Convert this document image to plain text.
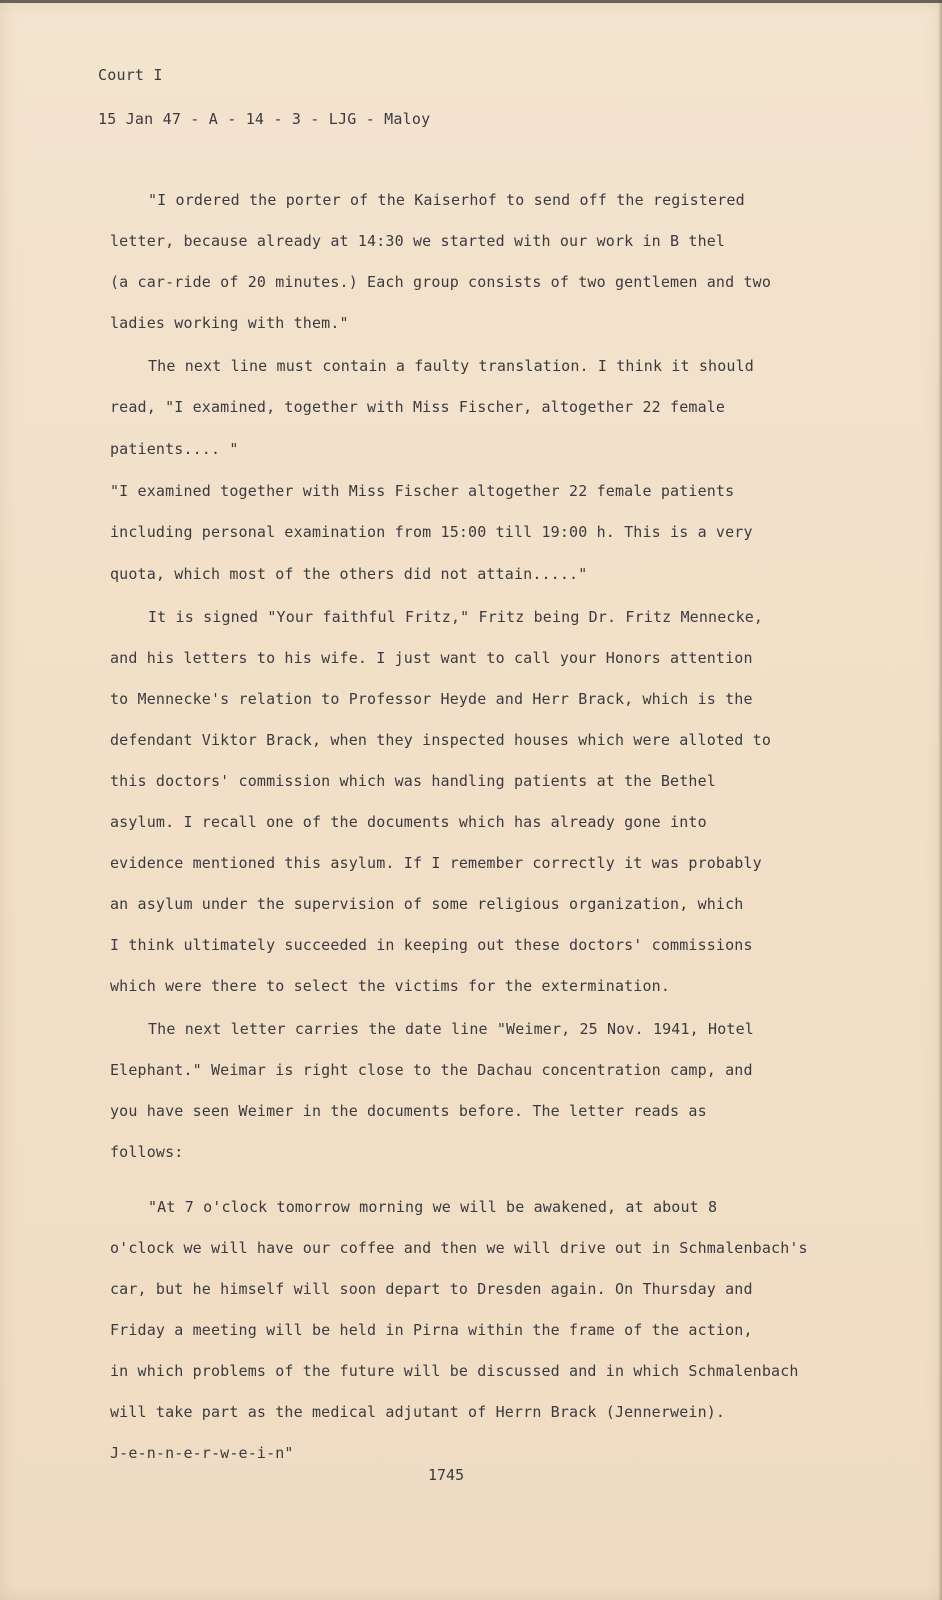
Court I
15 Jan 47 - A - 14 - 3 - LJG - Maloy
"I ordered the porter of the Kaiserhof to send off the registered
letter, because already at 14:30 we started with our work in B thel
(a car-ride of 20 minutes.) Each group consists of two gentlemen and two
ladies working with them."
The next line must contain a faulty translation. I think it should
read, "I examined, together with Miss Fischer, altogether 22 female
patients.... "
"I examined together with Miss Fischer altogether 22 female patients
including personal examination from 15:00 till 19:00 h. This is a very
quota, which most of the others did not attain....."
It is signed "Your faithful Fritz," Fritz being Dr. Fritz Mennecke,
and his letters to his wife. I just want to call your Honors attention
to Mennecke's relation to Professor Heyde and Herr Brack, which is the
defendant Viktor Brack, when they inspected houses which were alloted to
this doctors' commission which was handling patients at the Bethel
asylum. I recall one of the documents which has already gone into
evidence mentioned this asylum. If I remember correctly it was probably
an asylum under the supervision of some religious organization, which
I think ultimately succeeded in keeping out these doctors' commissions
which were there to select the victims for the extermination.
The next letter carries the date line "Weimer, 25 Nov. 1941, Hotel
Elephant." Weimar is right close to the Dachau concentration camp, and
you have seen Weimer in the documents before. The letter reads as
follows:
"At 7 o'clock tomorrow morning we will be awakened, at about 8
o'clock we will have our coffee and then we will drive out in Schmalenbach's
car, but he himself will soon depart to Dresden again. On Thursday and
Friday a meeting will be held in Pirna within the frame of the action,
in which problems of the future will be discussed and in which Schmalenbach
will take part as the medical adjutant of Herrn Brack (Jennerwein).
J-e-n-n-e-r-w-e-i-n"
1745
